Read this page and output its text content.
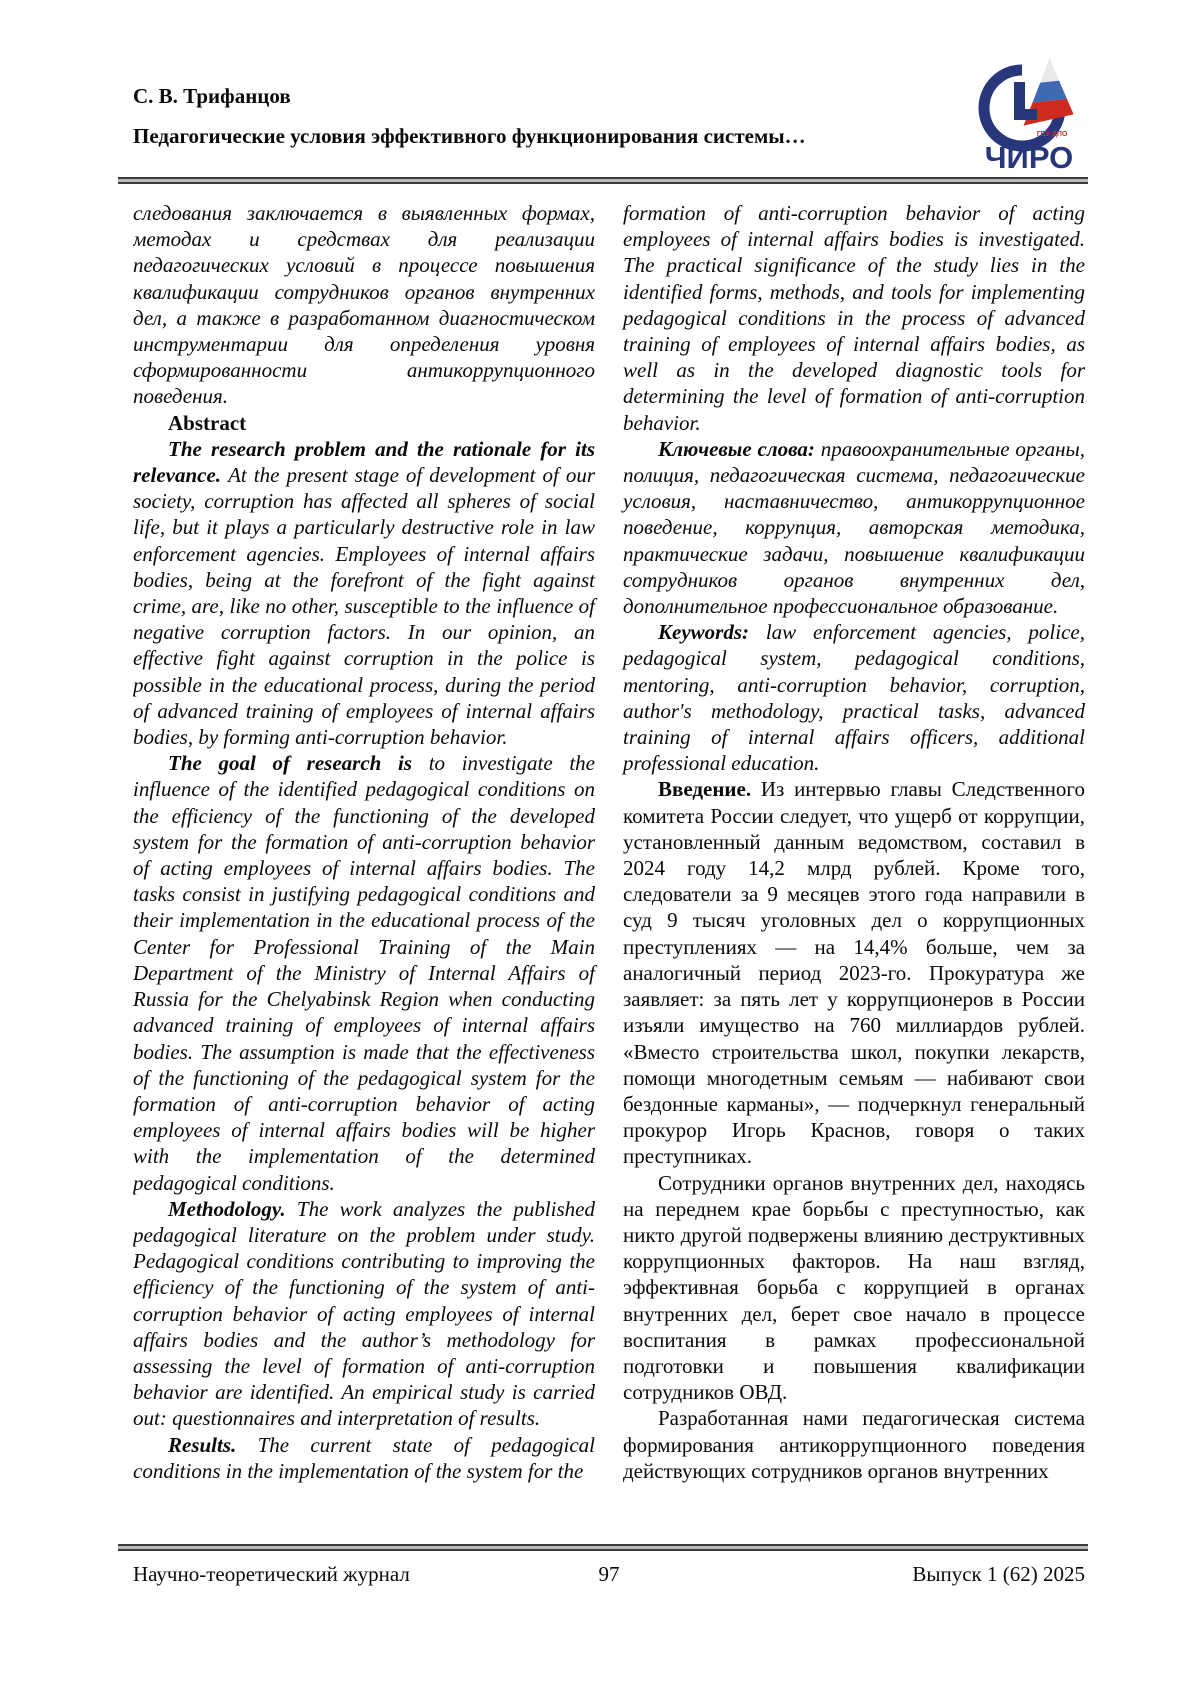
С. В. Трифанцов
Педагогические условия эффективного функционирования системы…	ГБУ ДПО
ЧИРО

следования заключается в выявленных формах, методах и средствах для реализации педагогических условий в процессе повышения квалификации сотрудников органов внутренних дел, а также в разработанном диагностическом инструментарии для определения уровня сформированности антикоррупционного поведения.

Abstract

The research problem and the rationale for its relevance. At the present stage of development of our society, corruption has affected all spheres of social life, but it plays a particularly destructive role in law enforcement agencies. Employees of internal affairs bodies, being at the forefront of the fight against crime, are, like no other, susceptible to the influence of negative corruption factors. In our opinion, an effective fight against corruption in the police is possible in the educational process, during the period of advanced training of employees of internal affairs bodies, by forming anti-corruption behavior.

The goal of research is to investigate the influence of the identified pedagogical conditions on the efficiency of the functioning of the developed system for the formation of anti-corruption behavior of acting employees of internal affairs bodies. The tasks consist in justifying pedagogical conditions and their implementation in the educational process of the Center for Professional Training of the Main Department of the Ministry of Internal Affairs of Russia for the Chelyabinsk Region when conducting advanced training of employees of internal affairs bodies. The assumption is made that the effectiveness of the functioning of the pedagogical system for the formation of anti-corruption behavior of acting employees of internal affairs bodies will be higher with the implementation of the determined pedagogical conditions.

Methodology. The work analyzes the published pedagogical literature on the problem under study. Pedagogical conditions contributing to improving the efficiency of the functioning of the system of anti-corruption behavior of acting employees of internal affairs bodies and the author’s methodology for assessing the level of formation of anti-corruption behavior are identified. An empirical study is carried out: questionnaires and interpretation of results.

Results. The current state of pedagogical conditions in the implementation of the system for the

formation of anti-corruption behavior of acting employees of internal affairs bodies is investigated. The practical significance of the study lies in the identified forms, methods, and tools for implementing pedagogical conditions in the process of advanced training of employees of internal affairs bodies, as well as in the developed diagnostic tools for determining the level of formation of anti-corruption behavior.

Ключевые слова: правоохранительные органы, полиция, педагогическая система, педагогические условия, наставничество, антикоррупционное поведение, коррупция, авторская методика, практические задачи, повышение квалификации сотрудников органов внутренних дел, дополнительное профессиональное образование.

Keywords: law enforcement agencies, police, pedagogical system, pedagogical conditions, mentoring, anti-corruption behavior, corruption, author's methodology, practical tasks, advanced training of internal affairs officers, additional professional education.

Введение. Из интервью главы Следственного комитета России следует, что ущерб от коррупции, установленный данным ведомством, составил в 2024 году 14,2 млрд рублей. Кроме того, следователи за 9 месяцев этого года направили в суд 9 тысяч уголовных дел о коррупционных преступлениях — на 14,4% больше, чем за аналогичный период 2023-го. Прокуратура же заявляет: за пять лет у коррупционеров в России изъяли имущество на 760 миллиардов рублей. «Вместо строительства школ, покупки лекарств, помощи многодетным семьям — набивают свои бездонные карманы», — подчеркнул генеральный прокурор Игорь Краснов, говоря о таких преступниках.

Сотрудники органов внутренних дел, находясь на переднем крае борьбы с преступностью, как никто другой подвержены влиянию деструктивных коррупционных факторов. На наш взгляд, эффективная борьба с коррупцией в органах внутренних дел, берет свое начало в процессе воспитания в рамках профессиональной подготовки и повышения квалификации сотрудников ОВД.

Разработанная нами педагогическая система формирования антикоррупционного поведения действующих сотрудников органов внутренних

Научно-теоретический журнал	97	Выпуск 1 (62) 2025
